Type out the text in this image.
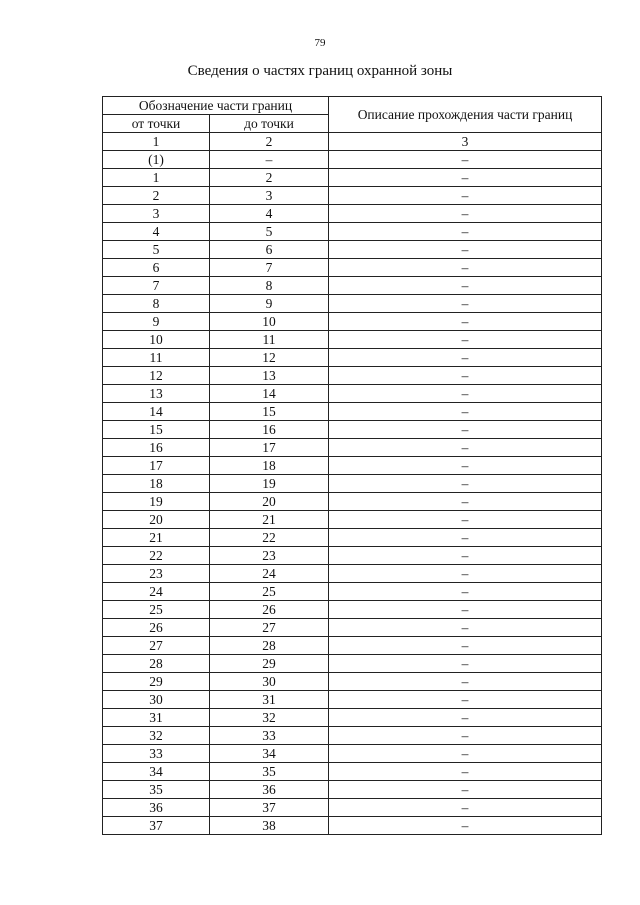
79
Сведения о частях границ охранной зоны
Обозначение части границ		Описание прохождения части границ
от точки	до точки	
1	2	3
(1)	–	–
1	2	–
2	3	–
3	4	–
4	5	–
5	6	–
6	7	–
7	8	–
8	9	–
9	10	–
10	11	–
11	12	–
12	13	–
13	14	–
14	15	–
15	16	–
16	17	–
17	18	–
18	19	–
19	20	–
20	21	–
21	22	–
22	23	–
23	24	–
24	25	–
25	26	–
26	27	–
27	28	–
28	29	–
29	30	–
30	31	–
31	32	–
32	33	–
33	34	–
34	35	–
35	36	–
36	37	–
37	38	–
